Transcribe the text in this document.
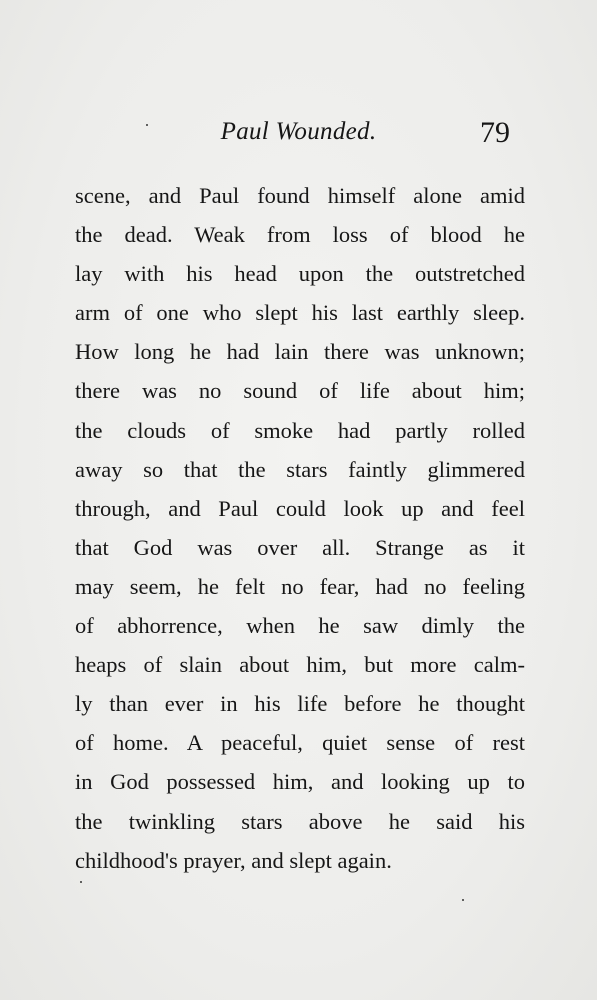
Paul Wounded.	79
scene, and Paul found himself alone amid
the dead. Weak from loss of blood he
lay with his head upon the outstretched
arm of one who slept his last earthly sleep.
How long he had lain there was unknown;
there was no sound of life about him;
the clouds of smoke had partly rolled
away so that the stars faintly glimmered
through, and Paul could look up and feel
that God was over all. Strange as it
may seem, he felt no fear, had no feeling
of abhorrence, when he saw dimly the
heaps of slain about him, but more calm-
ly than ever in his life before he thought
of home. A peaceful, quiet sense of rest
in God possessed him, and looking up to
the twinkling stars above he said his
childhood's prayer, and slept again.
